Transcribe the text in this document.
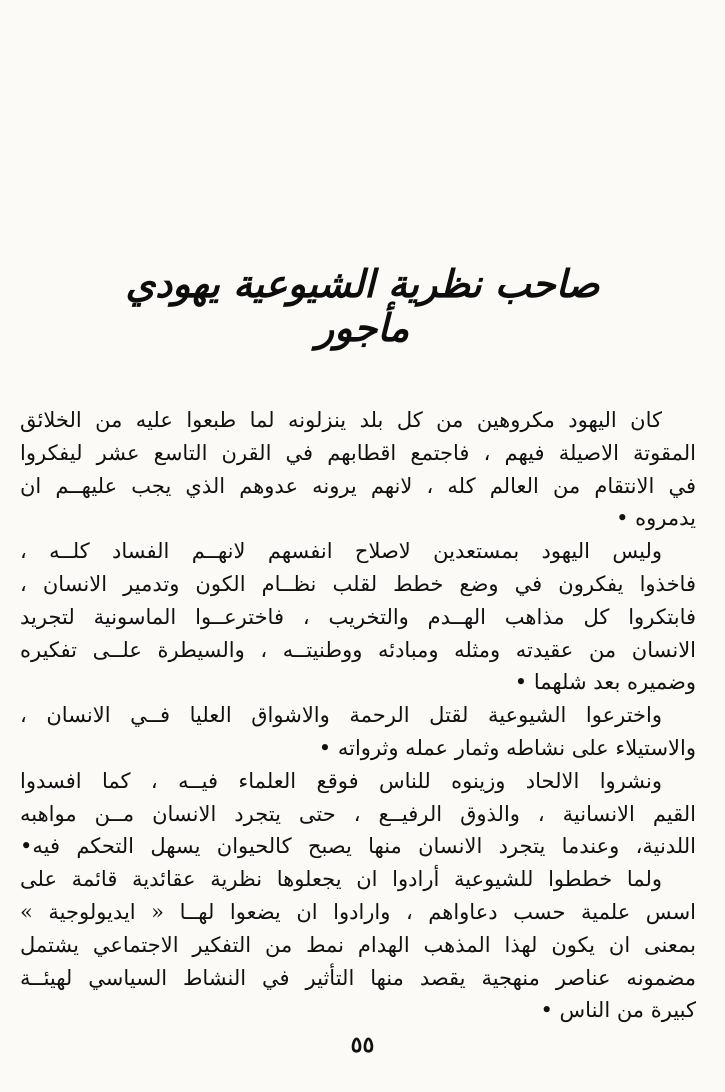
صاحب نظرية الشيوعية يهودي مأجور
كان اليهود مكروهين من كل بلد ينزلونه لما طبعوا عليه من الخلائق
المقوتة الاصيلة فيهم ، فاجتمع اقطابهم في القرن التاسع عشر ليفكروا
في الانتقام من العالم كله ، لانهم يرونه عدوهم الذي يجب عليهــم ان
يدمروه •
وليس اليهود بمستعدين لاصلاح انفسهم لانهــم الفساد كلــه ،
فاخذوا يفكرون في وضع خطط لقلب نظــام الكون وتدمير الانسان ،
فابتكروا كل مذاهب الهــدم والتخريب ، فاخترعــوا الماسونية لتجريد
الانسان من عقيدته ومثله ومبادئه ووطنيتــه ، والسيطرة علــى تفكيره
وضميره بعد شلهما •
واخترعوا الشيوعية لقتل الرحمة والاشواق العليا فــي الانسان ،
والاستيلاء على نشاطه وثمار عمله وثرواته •
ونشروا الالحاد وزينوه للناس فوقع العلماء فيــه ، كما افسدوا
القيم الانسانية ، والذوق الرفيــع ، حتى يتجرد الانسان مــن مواهبه
اللدنية، وعندما يتجرد الانسان منها يصبح كالحيوان يسهل التحكم فيه•
ولما خططوا للشيوعية أرادوا ان يجعلوها نظرية عقائدية قائمة على
اسس علمية حسب دعاواهم ، وارادوا ان يضعوا لهــا « ايديولوجية »
بمعنى ان يكون لهذا المذهب الهدام نمط من التفكير الاجتماعي يشتمل
مضمونه عناصر منهجية يقصد منها التأثير في النشاط السياسي لهيئــة
كبيرة من الناس •
٥٥
